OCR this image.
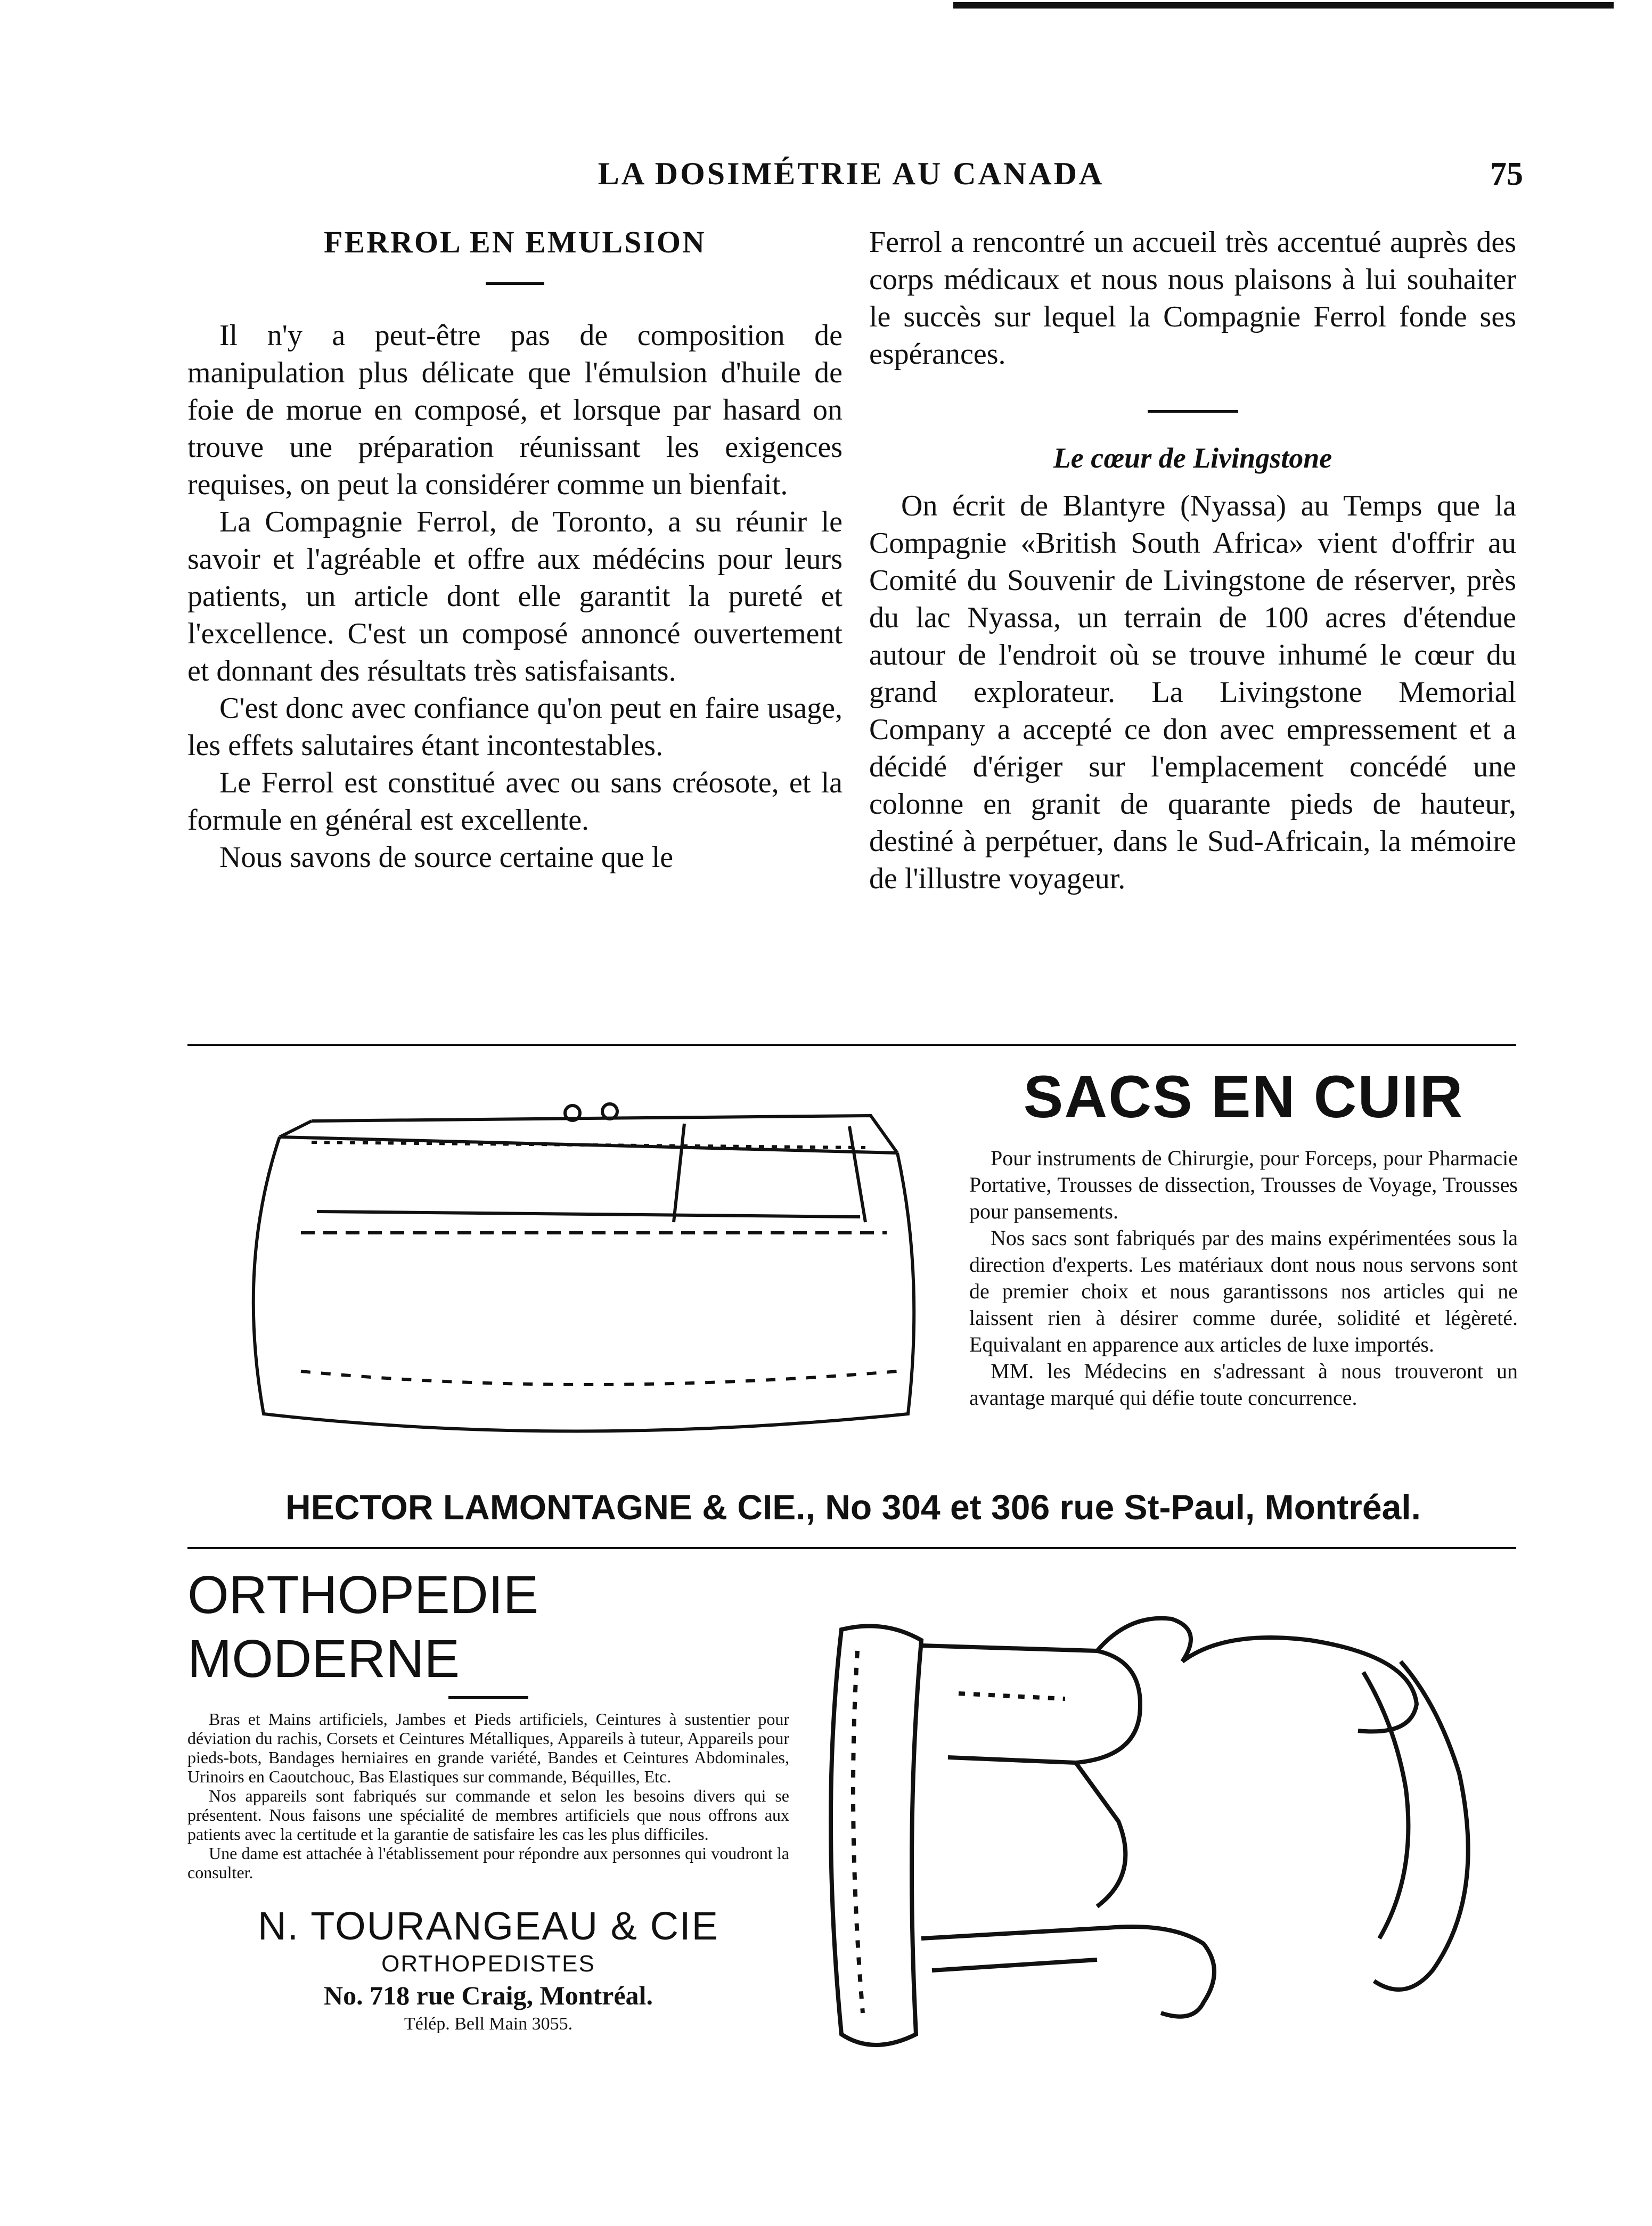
LA DOSIMÉTRIE AU CANADA	75

FERROL EN EMULSION

Il n'y a peut-être pas de composition de manipulation plus délicate que l'émulsion d'huile de foie de morue en composé, et lorsque par hasard on trouve une préparation réunissant les exigences requises, on peut la considérer comme un bienfait.

La Compagnie Ferrol, de Toronto, a su réunir le savoir et l'agréable et offre aux médécins pour leurs patients, un article dont elle garantit la pureté et l'excellence. C'est un composé annoncé ouvertement et donnant des résultats très satisfaisants.

C'est donc avec confiance qu'on peut en faire usage, les effets salutaires étant incontestables.

Le Ferrol est constitué avec ou sans créosote, et la formule en général est excellente.

Nous savons de source certaine que le

Ferrol a rencontré un accueil très accentué auprès des corps médicaux et nous nous plaisons à lui souhaiter le succès sur lequel la Compagnie Ferrol fonde ses espérances.

Le cœur de Livingstone

On écrit de Blantyre (Nyassa) au Temps que la Compagnie «British South Africa» vient d'offrir au Comité du Souvenir de Livingstone de réserver, près du lac Nyassa, un terrain de 100 acres d'étendue autour de l'endroit où se trouve inhumé le cœur du grand explorateur. La Livingstone Memorial Company a accepté ce don avec empressement et a décidé d'ériger sur l'emplacement concédé une colonne en granit de quarante pieds de hauteur, destiné à perpétuer, dans le Sud-Africain, la mémoire de l'illustre voyageur.

SACS EN CUIR

Pour instruments de Chirurgie, pour Forceps, pour Pharmacie Portative, Trousses de dissection, Trousses de Voyage, Trousses pour pansements.

Nos sacs sont fabriqués par des mains expérimentées sous la direction d'experts. Les matériaux dont nous nous servons sont de premier choix et nous garantissons nos articles qui ne laissent rien à désirer comme durée, solidité et légèreté. Equivalant en apparence aux articles de luxe importés.

MM. les Médecins en s'adressant à nous trouveront un avantage marqué qui défie toute concurrence.

HECTOR LAMONTAGNE & CIE., No 304 et 306 rue St-Paul, Montréal.
ORTHOPEDIE MODERNE

Bras et Mains artificiels, Jambes et Pieds artificiels, Ceintures à sustentier pour déviation du rachis, Corsets et Ceintures Métalliques, Appareils à tuteur, Appareils pour pieds-bots, Bandages herniaires en grande variété, Bandes et Ceintures Abdominales, Urinoirs en Caoutchouc, Bas Elastiques sur commande, Béquilles, Etc.

Nos appareils sont fabriqués sur commande et selon les besoins divers qui se présentent. Nous faisons une spécialité de membres artificiels que nous offrons aux patients avec la certitude et la garantie de satisfaire les cas les plus difficiles.

Une dame est attachée à l'établissement pour répondre aux personnes qui voudront la consulter.

N. TOURANGEAU & CIE
ORTHOPEDISTES
No. 718 rue Craig, Montréal.
Télép. Bell Main 3055.
